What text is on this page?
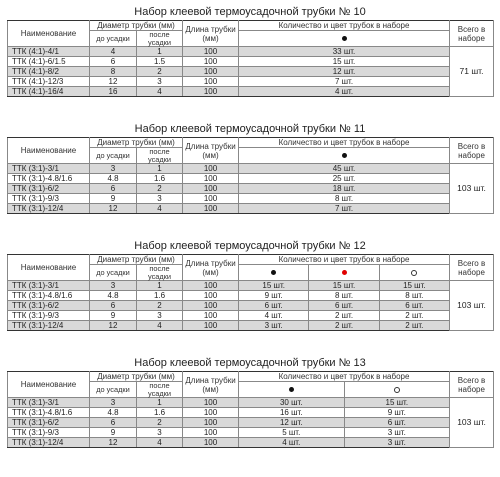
Набор клеевой термоусадочной трубки № 10
Наименование	Диаметр трубки (мм)		Длина трубки (мм)	Количество и цвет трубок в наборе	Всего в наборе
	до усадки	после усадки			

ТТК (4:1)-4/1	4	1	100	33 шт.	71 шт.
ТТК (4:1)-6/1.5	6	1.5	100	15 шт.	
ТТК (4:1)-8/2	8	2	100	12 шт.	
ТТК (4:1)-12/3	12	3	100	7 шт.	
ТТК (4:1)-16/4	16	4	100	4 шт.	
Набор клеевой термоусадочной трубки № 11
Наименование	Диаметр трубки (мм)		Длина трубки (мм)	Количество и цвет трубок в наборе	Всего в наборе
	до усадки	после усадки			

ТТК (3:1)-3/1	3	1	100	45 шт.	103 шт.
ТТК (3:1)-4.8/1.6	4.8	1.6	100	25 шт.	
ТТК (3:1)-6/2	6	2	100	18 шт.	
ТТК (3:1)-9/3	9	3	100	8 шт.	
ТТК (3:1)-12/4	12	4	100	7 шт.	
Набор клеевой термоусадочной трубки № 12
Наименование	Диаметр трубки (мм)		Длина трубки (мм)	Количество и цвет трубок в наборе			Всего в наборе
	до усадки	после усадки					

ТТК (3:1)-3/1	3	1	100	15 шт.	15 шт.	15 шт.	103 шт.
ТТК (3:1)-4.8/1.6	4.8	1.6	100	9 шт.	8 шт.	8 шт.	
ТТК (3:1)-6/2	6	2	100	6 шт.	6 шт.	6 шт.	
ТТК (3:1)-9/3	9	3	100	4 шт.	2 шт.	2 шт.	
ТТК (3:1)-12/4	12	4	100	3 шт.	2 шт.	2 шт.	
Набор клеевой термоусадочной трубки № 13
Наименование	Диаметр трубки (мм)		Длина трубки (мм)	Количество и цвет трубок в наборе		Всего в наборе
	до усадки	после усадки				

ТТК (3:1)-3/1	3	1	100	30 шт.	15 шт.	103 шт.
ТТК (3:1)-4.8/1.6	4.8	1.6	100	16 шт.	9 шт.	
ТТК (3:1)-6/2	6	2	100	12 шт.	6 шт.	
ТТК (3:1)-9/3	9	3	100	5 шт.	3 шт.	
ТТК (3:1)-12/4	12	4	100	4 шт.	3 шт.	
